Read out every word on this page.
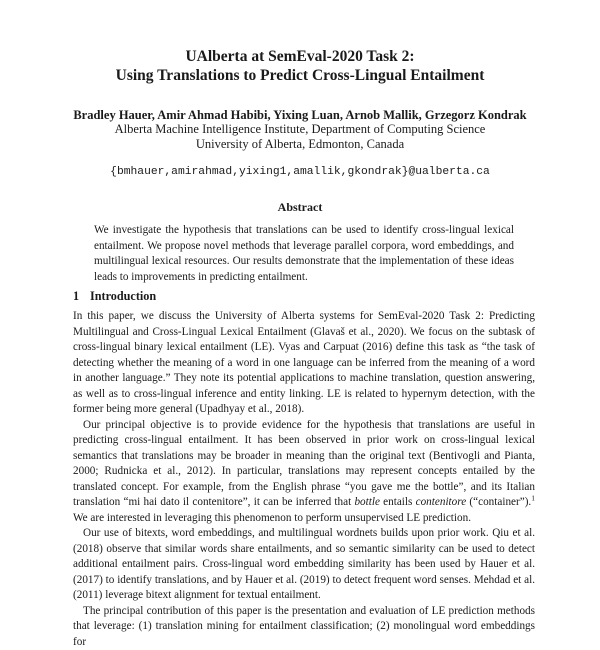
UAlberta at SemEval-2020 Task 2:
Using Translations to Predict Cross-Lingual Entailment
Bradley Hauer, Amir Ahmad Habibi, Yixing Luan, Arnob Mallik, Grzegorz Kondrak
Alberta Machine Intelligence Institute, Department of Computing Science
University of Alberta, Edmonton, Canada
{bmhauer,amirahmad,yixing1,amallik,gkondrak}@ualberta.ca
Abstract
We investigate the hypothesis that translations can be used to identify cross-lingual lexical entailment. We propose novel methods that leverage parallel corpora, word embeddings, and multilingual lexical resources. Our results demonstrate that the implementation of these ideas leads to improvements in predicting entailment.
1 Introduction

In this paper, we discuss the University of Alberta systems for SemEval-2020 Task 2: Predicting Multilingual and Cross-Lingual Lexical Entailment (Glavaš et al., 2020). We focus on the subtask of cross-lingual binary lexical entailment (LE). Vyas and Carpuat (2016) define this task as “the task of detecting whether the meaning of a word in one language can be inferred from the meaning of a word in another language.” They note its potential applications to machine translation, question answering, as well as to cross-lingual inference and entity linking. LE is related to hypernym detection, with the former being more general (Upadhyay et al., 2018).

Our principal objective is to provide evidence for the hypothesis that translations are useful in predicting cross-lingual entailment. It has been observed in prior work on cross-lingual lexical semantics that translations may be broader in meaning than the original text (Bentivogli and Pianta, 2000; Rudnicka et al., 2012). In particular, translations may represent concepts entailed by the translated concept. For example, from the English phrase “you gave me the bottle”, and its Italian translation “mi hai dato il contenitore”, it can be inferred that bottle entails contenitore (“container”).$^1$ We are interested in leveraging this phenomenon to perform unsupervised LE prediction.

Our use of bitexts, word embeddings, and multilingual wordnets builds upon prior work. Qiu et al. (2018) observe that similar words share entailments, and so semantic similarity can be used to detect additional entailment pairs. Cross-lingual word embedding similarity has been used by Hauer et al. (2017) to identify translations, and by Hauer et al. (2019) to detect frequent word senses. Mehdad et al. (2011) leverage bitext alignment for textual entailment.

The principal contribution of this paper is the presentation and evaluation of LE prediction methods that leverage: (1) translation mining for entailment classification; (2) monolingual word embeddings for
